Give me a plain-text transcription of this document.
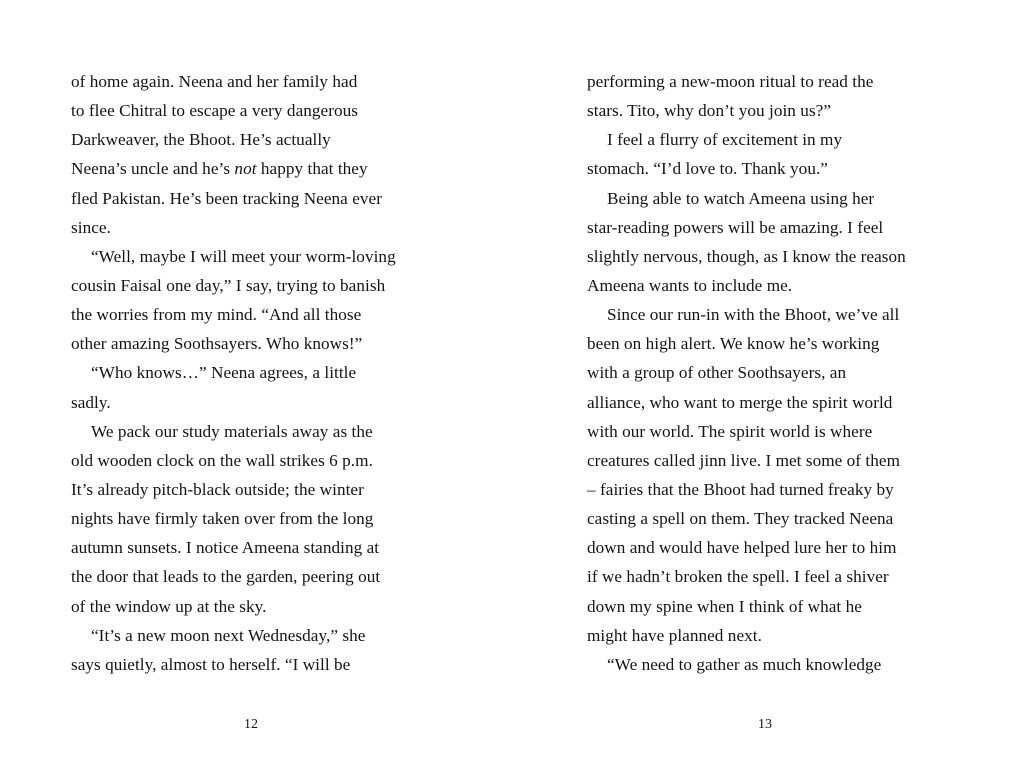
of home again. Neena and her family had
to flee Chitral to escape a very dangerous
Darkweaver, the Bhoot. He’s actually
Neena’s uncle and he’s not happy that they
fled Pakistan. He’s been tracking Neena ever
since.
“Well, maybe I will meet your worm-loving
cousin Faisal one day,” I say, trying to banish
the worries from my mind. “And all those
other amazing Soothsayers. Who knows!”
“Who knows…” Neena agrees, a little
sadly.
We pack our study materials away as the
old wooden clock on the wall strikes 6 p.m.
It’s already pitch-black outside; the winter
nights have firmly taken over from the long
autumn sunsets. I notice Ameena standing at
the door that leads to the garden, peering out
of the window up at the sky.
“It’s a new moon next Wednesday,” she
says quietly, almost to herself. “I will be
12
performing a new-moon ritual to read the
stars. Tito, why don’t you join us?”
I feel a flurry of excitement in my
stomach. “I’d love to. Thank you.”
Being able to watch Ameena using her
star-reading powers will be amazing. I feel
slightly nervous, though, as I know the reason
Ameena wants to include me.
Since our run-in with the Bhoot, we’ve all
been on high alert. We know he’s working
with a group of other Soothsayers, an
alliance, who want to merge the spirit world
with our world. The spirit world is where
creatures called jinn live. I met some of them
– fairies that the Bhoot had turned freaky by
casting a spell on them. They tracked Neena
down and would have helped lure her to him
if we hadn’t broken the spell. I feel a shiver
down my spine when I think of what he
might have planned next.
“We need to gather as much knowledge
13
